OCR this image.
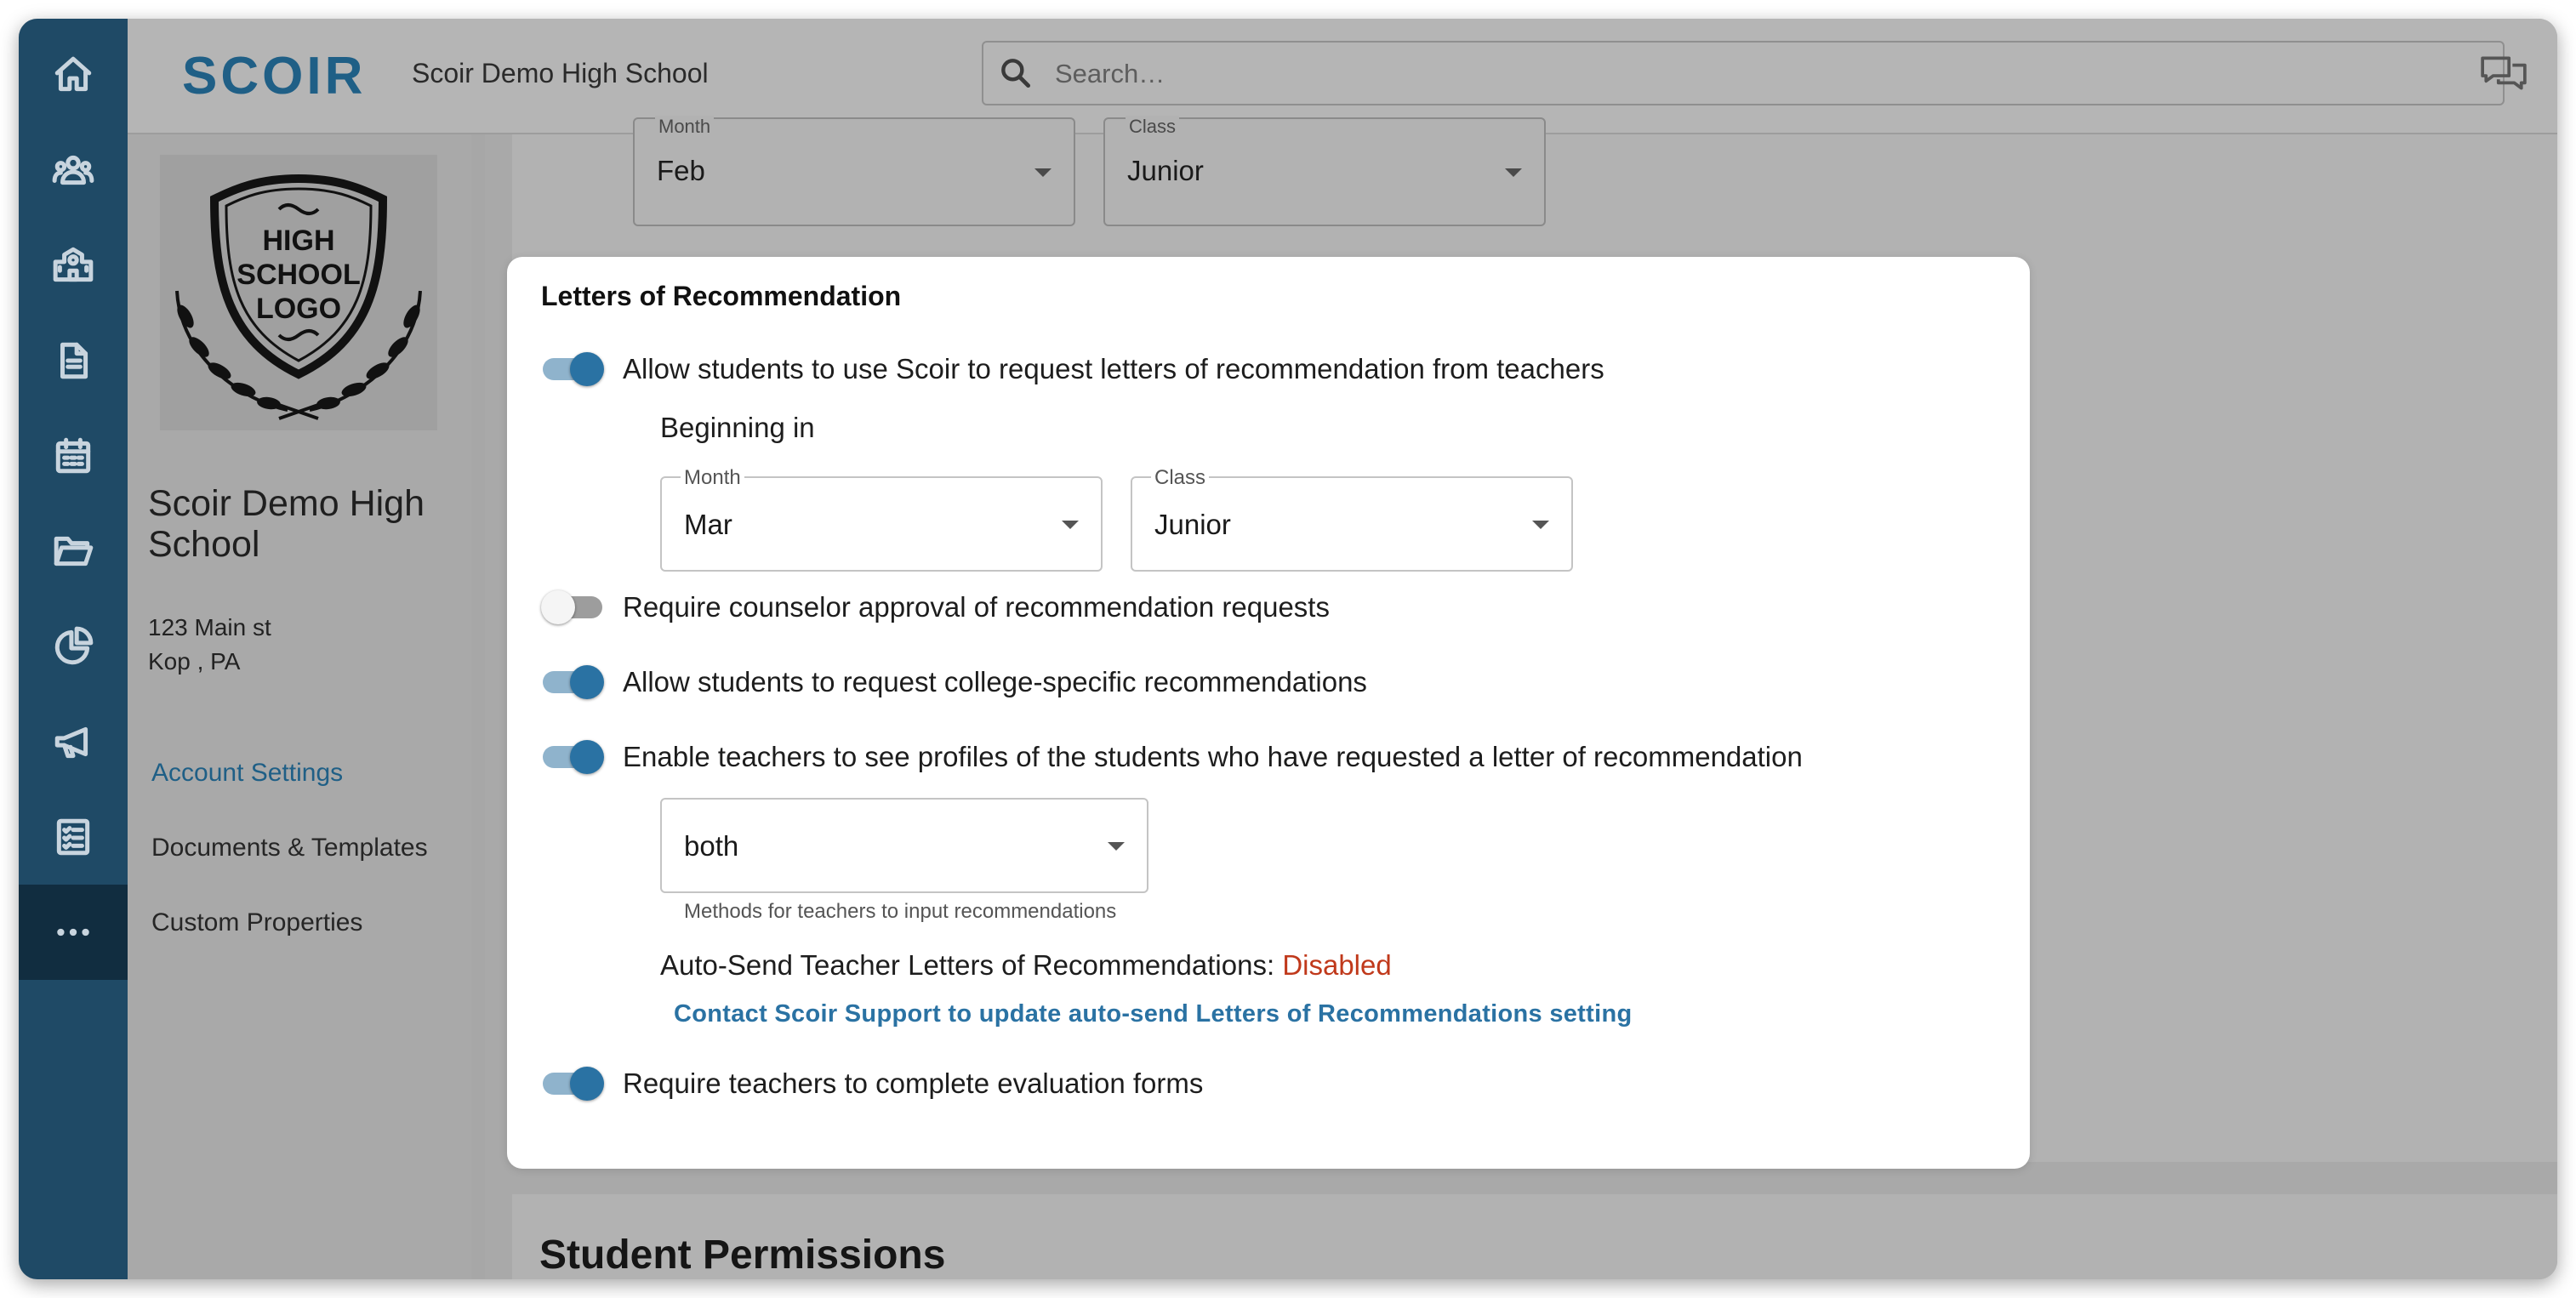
SCOIR Scoir Demo High School
Search…
HIGH
SCHOOL
LOGO
Scoir Demo High School
123 Main st
Kop , PA
Account Settings
Documents & Templates
Custom Properties
Month
Feb
Class
Junior
Student Permissions
Letters of Recommendation
Allow students to use Scoir to request letters of recommendation from teachers
Beginning in
Month
Mar
Class
Junior
Require counselor approval of recommendation requests
Allow students to request college-specific recommendations
Enable teachers to see profiles of the students who have requested a letter of recommendation
both
Methods for teachers to input recommendations
Auto-Send Teacher Letters of Recommendations: Disabled
Contact Scoir Support to update auto-send Letters of Recommendations setting
Require teachers to complete evaluation forms
